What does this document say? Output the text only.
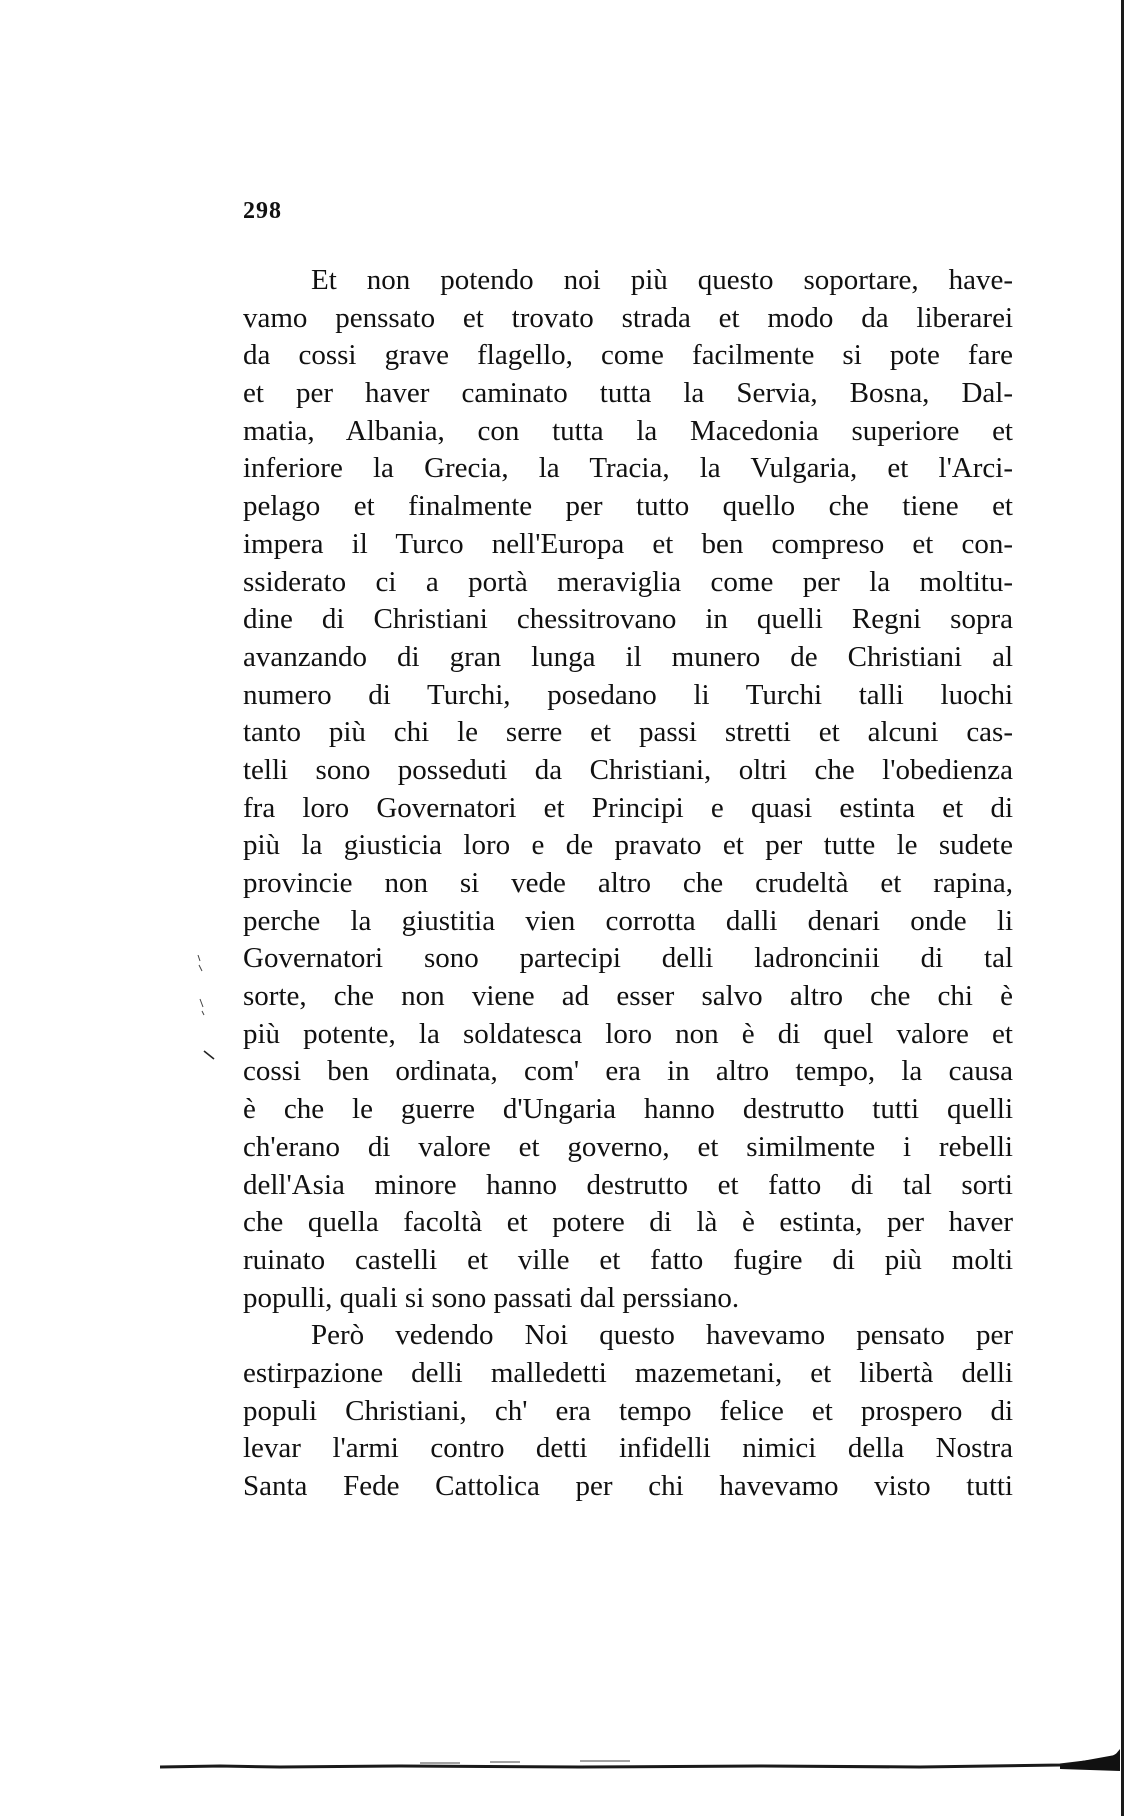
298
Et non potendo noi più questo soportare, have-
vamo penssato et trovato strada et modo da liberarei
da cossi grave flagello, come facilmente si pote fare
et per haver caminato tutta la Servia, Bosna, Dal-
matia, Albania, con tutta la Macedonia superiore et
inferiore la Grecia, la Tracia, la Vulgaria, et l'Arci-
pelago et finalmente per tutto quello che tiene et
impera il Turco nell'Europa et ben compreso et con-
ssiderato ci a portà meraviglia come per la moltitu-
dine di Christiani chessitrovano in quelli Regni sopra
avanzando di gran lunga il munero de Christiani al
numero di Turchi, posedano li Turchi talli luochi
tanto più chi le serre et passi stretti et alcuni cas-
telli sono posseduti da Christiani, oltri che l'obedienza
fra loro Governatori et Principi e quasi estinta et di
più la giusticia loro e de pravato et per tutte le sudete
provincie non si vede altro che crudeltà et rapina,
perche la giustitia vien corrotta dalli denari onde li
Governatori sono partecipi delli ladroncinii di tal
sorte, che non viene ad esser salvo altro che chi è
più potente, la soldatesca loro non è di quel valore et
cossi ben ordinata, com' era in altro tempo, la causa
è che le guerre d'Ungaria hanno destrutto tutti quelli
ch'erano di valore et governo, et similmente i rebelli
dell'Asia minore hanno destrutto et fatto di tal sorti
che quella facoltà et potere di là è estinta, per haver
ruinato castelli et ville et fatto fugire di più molti
populli, quali si sono passati dal perssiano.
Però vedendo Noi questo havevamo pensato per
estirpazione delli malledetti mazemetani, et libertà delli
populi Christiani, ch' era tempo felice et prospero di
levar l'armi contro detti infidelli nimici della Nostra
Santa Fede Cattolica per chi havevamo visto tutti
